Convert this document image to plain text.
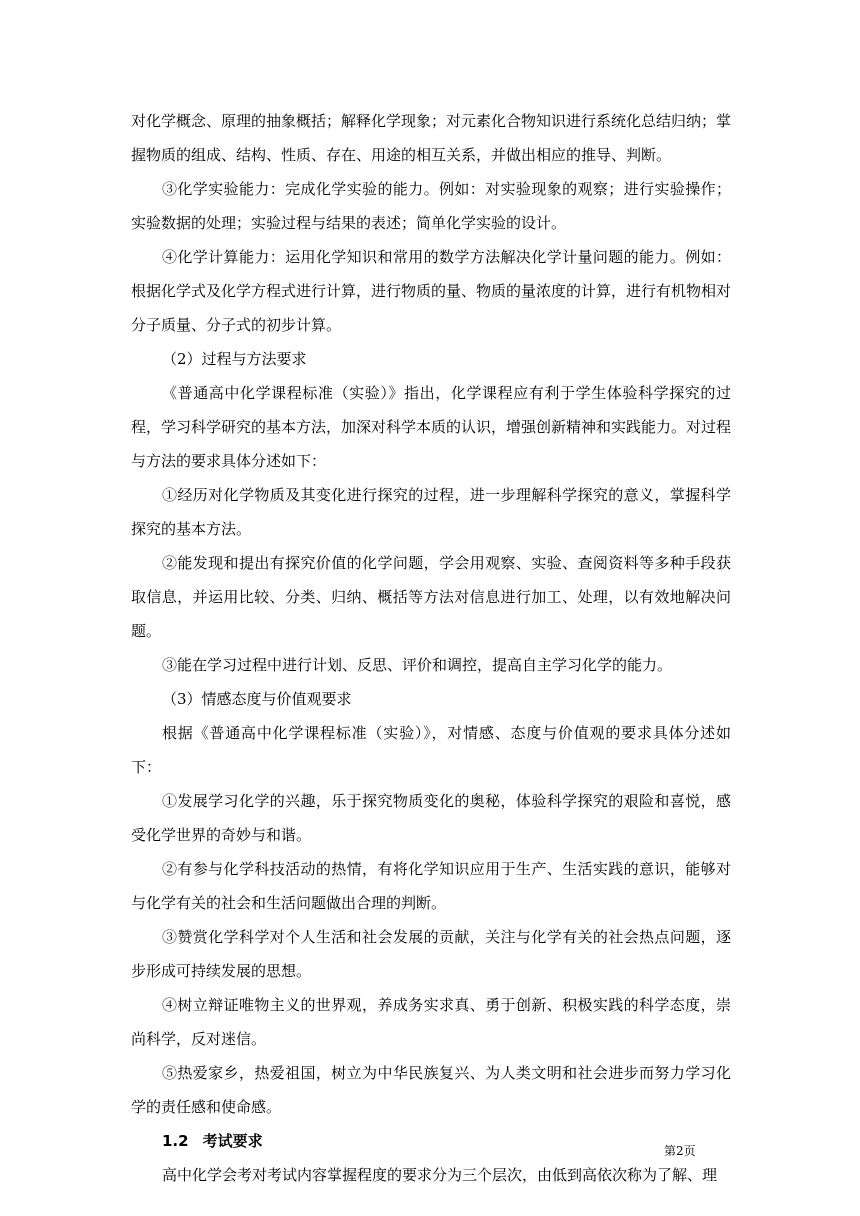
对化学概念、原理的抽象概括；解释化学现象；对元素化合物知识进行系统化总结归纳；掌握物质的组成、结构、性质、存在、用途的相互关系，并做出相应的推导、判断。

③化学实验能力：完成化学实验的能力。例如：对实验现象的观察；进行实验操作；实验数据的处理；实验过程与结果的表述；简单化学实验的设计。

④化学计算能力：运用化学知识和常用的数学方法解决化学计量问题的能力。例如：根据化学式及化学方程式进行计算，进行物质的量、物质的量浓度的计算，进行有机物相对分子质量、分子式的初步计算。

（2）过程与方法要求

《普通高中化学课程标准（实验）》指出，化学课程应有利于学生体验科学探究的过程，学习科学研究的基本方法，加深对科学本质的认识，增强创新精神和实践能力。对过程与方法的要求具体分述如下：

①经历对化学物质及其变化进行探究的过程，进一步理解科学探究的意义，掌握科学探究的基本方法。

②能发现和提出有探究价值的化学问题，学会用观察、实验、查阅资料等多种手段获取信息，并运用比较、分类、归纳、概括等方法对信息进行加工、处理，以有效地解决问题。

③能在学习过程中进行计划、反思、评价和调控，提高自主学习化学的能力。

（3）情感态度与价值观要求

根据《普通高中化学课程标准（实验）》，对情感、态度与价值观的要求具体分述如下：

①发展学习化学的兴趣，乐于探究物质变化的奥秘，体验科学探究的艰险和喜悦，感受化学世界的奇妙与和谐。

②有参与化学科技活动的热情，有将化学知识应用于生产、生活实践的意识，能够对与化学有关的社会和生活问题做出合理的判断。

③赞赏化学科学对个人生活和社会发展的贡献，关注与化学有关的社会热点问题，逐步形成可持续发展的思想。

④树立辩证唯物主义的世界观，养成务实求真、勇于创新、积极实践的科学态度，崇尚科学，反对迷信。

⑤热爱家乡，热爱祖国，树立为中华民族复兴、为人类文明和社会进步而努力学习化学的责任感和使命感。

1.2 考试要求

高中化学会考对考试内容掌握程度的要求分为三个层次，由低到高依次称为了解、理

第2页
